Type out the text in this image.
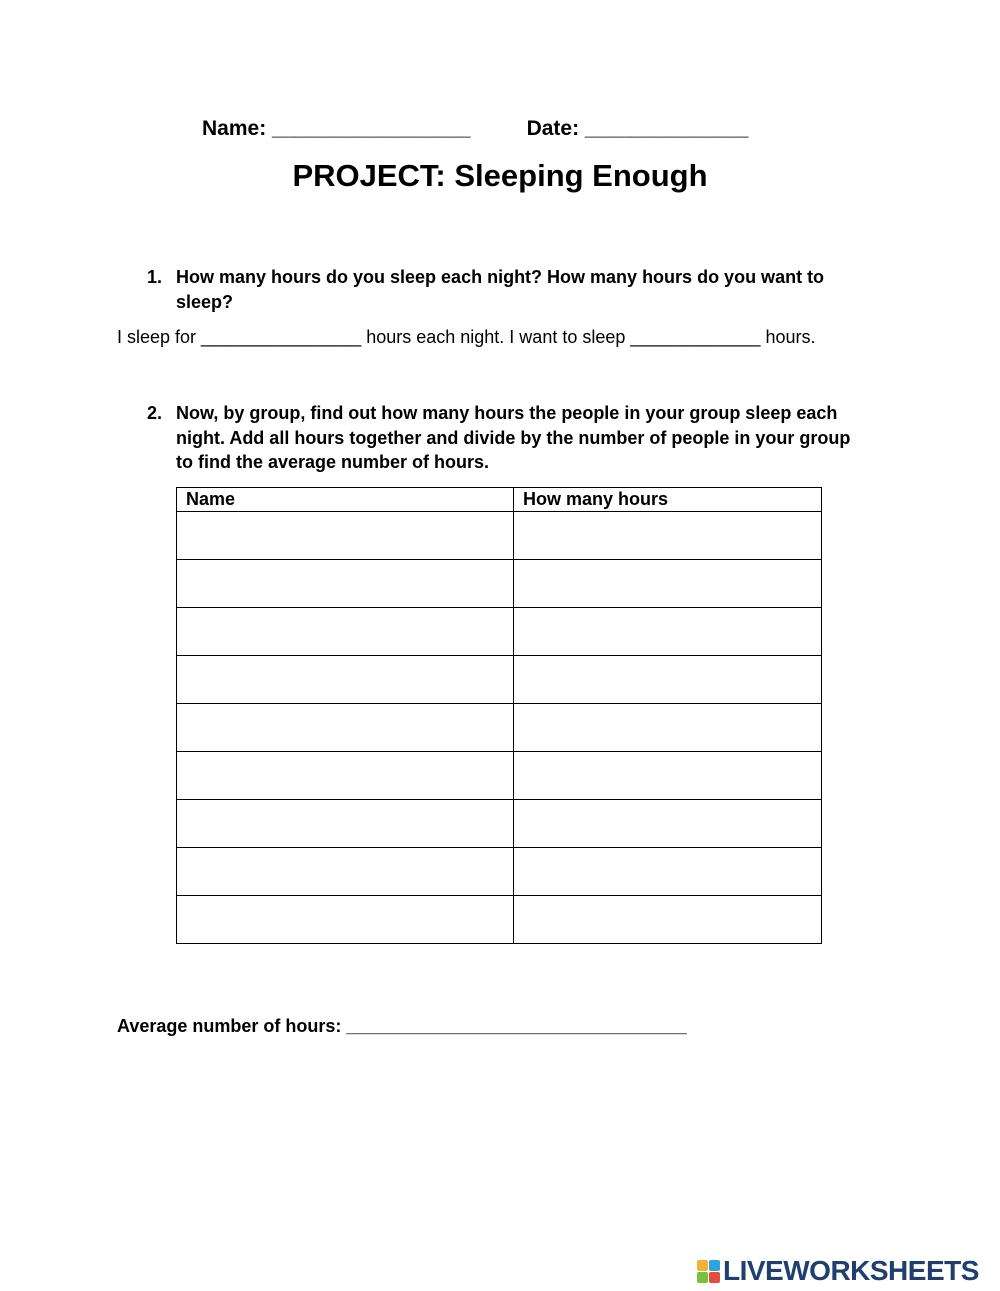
Name: _________________	Date: ______________
PROJECT: Sleeping Enough
1. How many hours do you sleep each night? How many hours do you want to sleep?
I sleep for ________________ hours each night. I want to sleep _____________ hours.
2. Now, by group, find out how many hours the people in your group sleep each night. Add all hours together and divide by the number of people in your group to find the average number of hours.
Name	How many hours

Average number of hours: __________________________________
LIVEWORKSHEETS
